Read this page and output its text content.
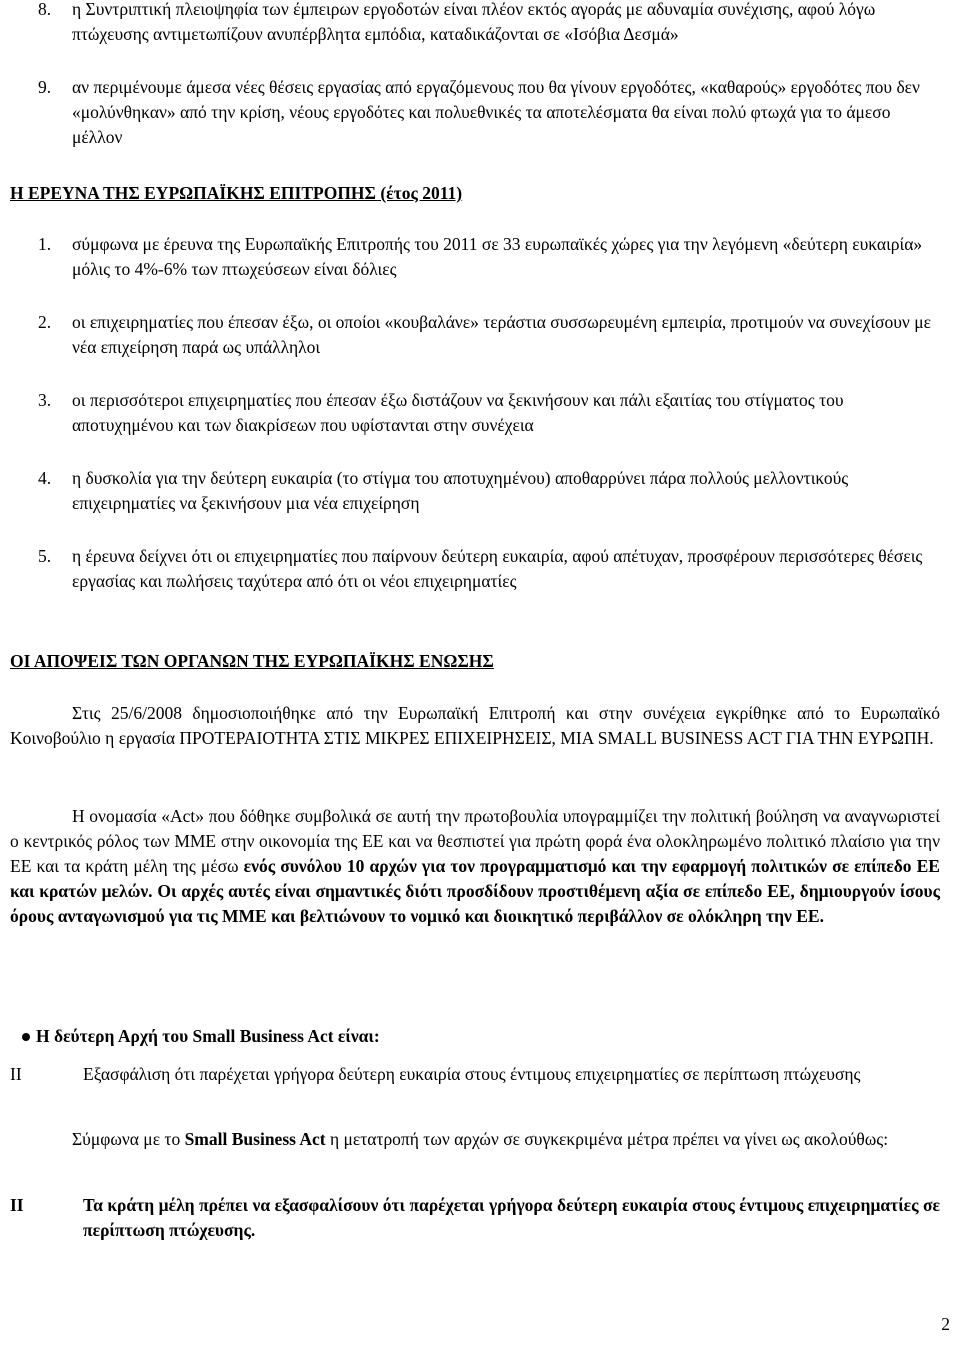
8. η Συντριπτική πλειοψηφία των έμπειρων εργοδοτών είναι πλέον εκτός αγοράς με αδυναμία συνέχισης, αφού λόγω πτώχευσης αντιμετωπίζουν ανυπέρβλητα εμπόδια, καταδικάζονται σε «Ισόβια Δεσμά»
9. αν περιμένουμε άμεσα νέες θέσεις εργασίας από εργαζόμενους που θα γίνουν εργοδότες, «καθαρούς» εργοδότες που δεν «μολύνθηκαν» από την κρίση, νέους εργοδότες και πολυεθνικές τα αποτελέσματα θα είναι πολύ φτωχά για το άμεσο μέλλον
Η ΕΡΕΥΝΑ ΤΗΣ ΕΥΡΩΠΑΪΚΗΣ ΕΠΙΤΡΟΠΗΣ (έτος 2011)
1. σύμφωνα με έρευνα της Ευρωπαϊκής Επιτροπής του 2011 σε 33 ευρωπαϊκές χώρες για την λεγόμενη «δεύτερη ευκαιρία» μόλις το 4%-6% των πτωχεύσεων είναι δόλιες
2. οι επιχειρηματίες που έπεσαν έξω, οι οποίοι «κουβαλάνε» τεράστια συσσωρευμένη εμπειρία, προτιμούν να συνεχίσουν με νέα επιχείρηση παρά ως υπάλληλοι
3. οι περισσότεροι επιχειρηματίες που έπεσαν έξω διστάζουν να ξεκινήσουν και πάλι εξαιτίας του στίγματος του αποτυχημένου και των διακρίσεων που υφίστανται στην συνέχεια
4. η δυσκολία για την δεύτερη ευκαιρία (το στίγμα του αποτυχημένου) αποθαρρύνει πάρα πολλούς μελλοντικούς επιχειρηματίες να ξεκινήσουν μια νέα επιχείρηση
5. η έρευνα δείχνει ότι οι επιχειρηματίες που παίρνουν δεύτερη ευκαιρία, αφού απέτυχαν, προσφέρουν περισσότερες θέσεις εργασίας και πωλήσεις ταχύτερα από ότι οι νέοι επιχειρηματίες
ΟΙ ΑΠΟΨΕΙΣ ΤΩΝ ΟΡΓΑΝΩΝ ΤΗΣ ΕΥΡΩΠΑΪΚΗΣ ΕΝΩΣΗΣ
Στις 25/6/2008 δημοσιοποιήθηκε από την Ευρωπαϊκή Επιτροπή και στην συνέχεια εγκρίθηκε από το Ευρωπαϊκό Κοινοβούλιο η εργασία ΠΡΟΤΕΡΑΙΟΤΗΤΑ ΣΤΙΣ ΜΙΚΡΕΣ ΕΠΙΧΕΙΡΗΣΕΙΣ, ΜΙΑ SMALL BUSINESS ACT ΓΙΑ ΤΗΝ ΕΥΡΩΠΗ.
Η ονομασία «Act» που δόθηκε συμβολικά σε αυτή την πρωτοβουλία υπογραμμίζει την πολιτική βούληση να αναγνωριστεί ο κεντρικός ρόλος των ΜΜΕ στην οικονομία της ΕΕ και να θεσπιστεί για πρώτη φορά ένα ολοκληρωμένο πολιτικό πλαίσιο για την ΕΕ και τα κράτη μέλη της μέσω ενός συνόλου 10 αρχών για τον προγραμματισμό και την εφαρμογή πολιτικών σε επίπεδο ΕΕ και κρατών μελών. Οι αρχές αυτές είναι σημαντικές διότι προσδίδουν προστιθέμενη αξία σε επίπεδο ΕΕ, δημιουργούν ίσους όρους ανταγωνισμού για τις ΜΜΕ και βελτιώνουν το νομικό και διοικητικό περιβάλλον σε ολόκληρη την ΕΕ.
Η δεύτερη Αρχή του Small Business Act είναι:
ΙΙ	Εξασφάλιση ότι παρέχεται γρήγορα δεύτερη ευκαιρία στους έντιμους επιχειρηματίες σε περίπτωση πτώχευσης
Σύμφωνα με το Small Business Act η μετατροπή των αρχών σε συγκεκριμένα μέτρα πρέπει να γίνει ως ακολούθως:
ΙΙ	Τα κράτη μέλη πρέπει να εξασφαλίσουν ότι παρέχεται γρήγορα δεύτερη ευκαιρία στους έντιμους επιχειρηματίες σε περίπτωση πτώχευσης.
2
